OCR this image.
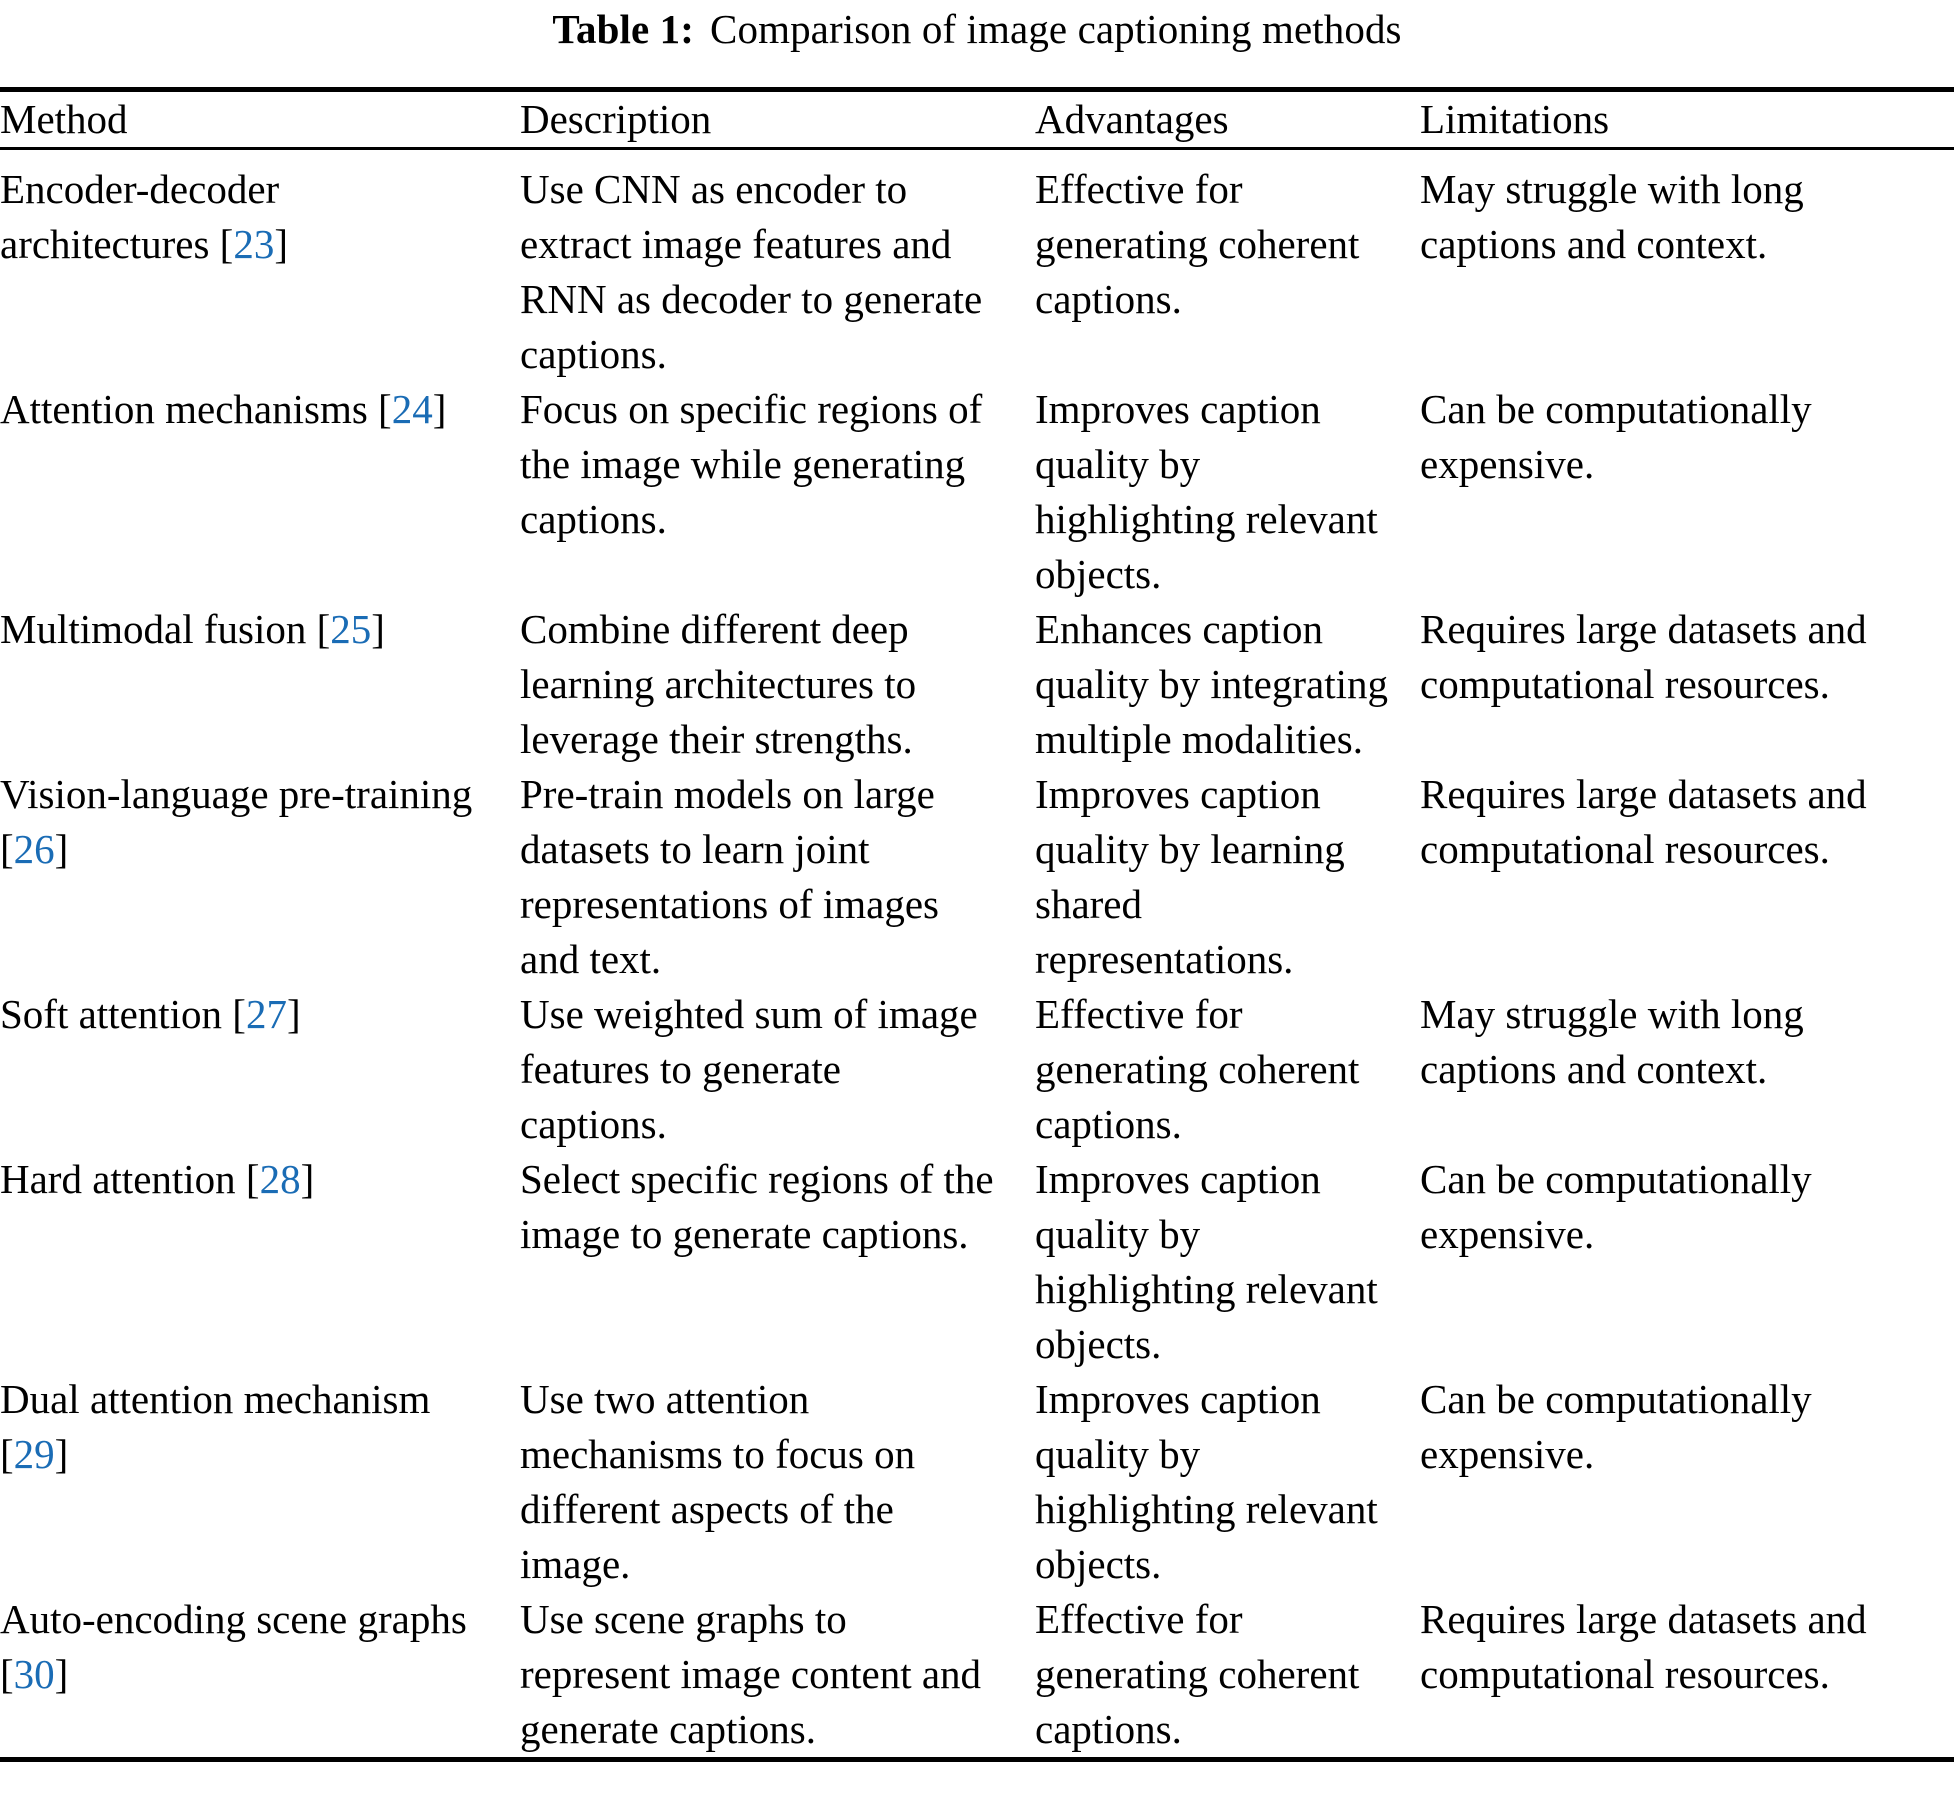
Table 1: Comparison of image captioning methods
Method	Description	Advantages	Limitations

Encoder-decoder architectures [23]	Use CNN as encoder to extract image features and RNN as decoder to generate captions.	Effective for generating coherent captions.	May struggle with long captions and context.

Attention mechanisms [24]	Focus on specific regions of the image while generating captions.	Improves caption quality by highlighting relevant objects.	Can be computationally expensive.

Multimodal fusion [25]	Combine different deep learning architectures to leverage their strengths.	Enhances caption quality by integrating multiple modalities.	Requires large datasets and computational resources.

Vision-language pre-training [26]	Pre-train models on large datasets to learn joint representations of images and text.	Improves caption quality by learning shared representations.	Requires large datasets and computational resources.

Soft attention [27]	Use weighted sum of image features to generate captions.	Effective for generating coherent captions.	May struggle with long captions and context.

Hard attention [28]	Select specific regions of the image to generate captions.	Improves caption quality by highlighting relevant objects.	Can be computationally expensive.

Dual attention mechanism [29]	Use two attention mechanisms to focus on different aspects of the image.	Improves caption quality by highlighting relevant objects.	Can be computationally expensive.

Auto-encoding scene graphs [30]	Use scene graphs to represent image content and generate captions.	Effective for generating coherent captions.	Requires large datasets and computational resources.
